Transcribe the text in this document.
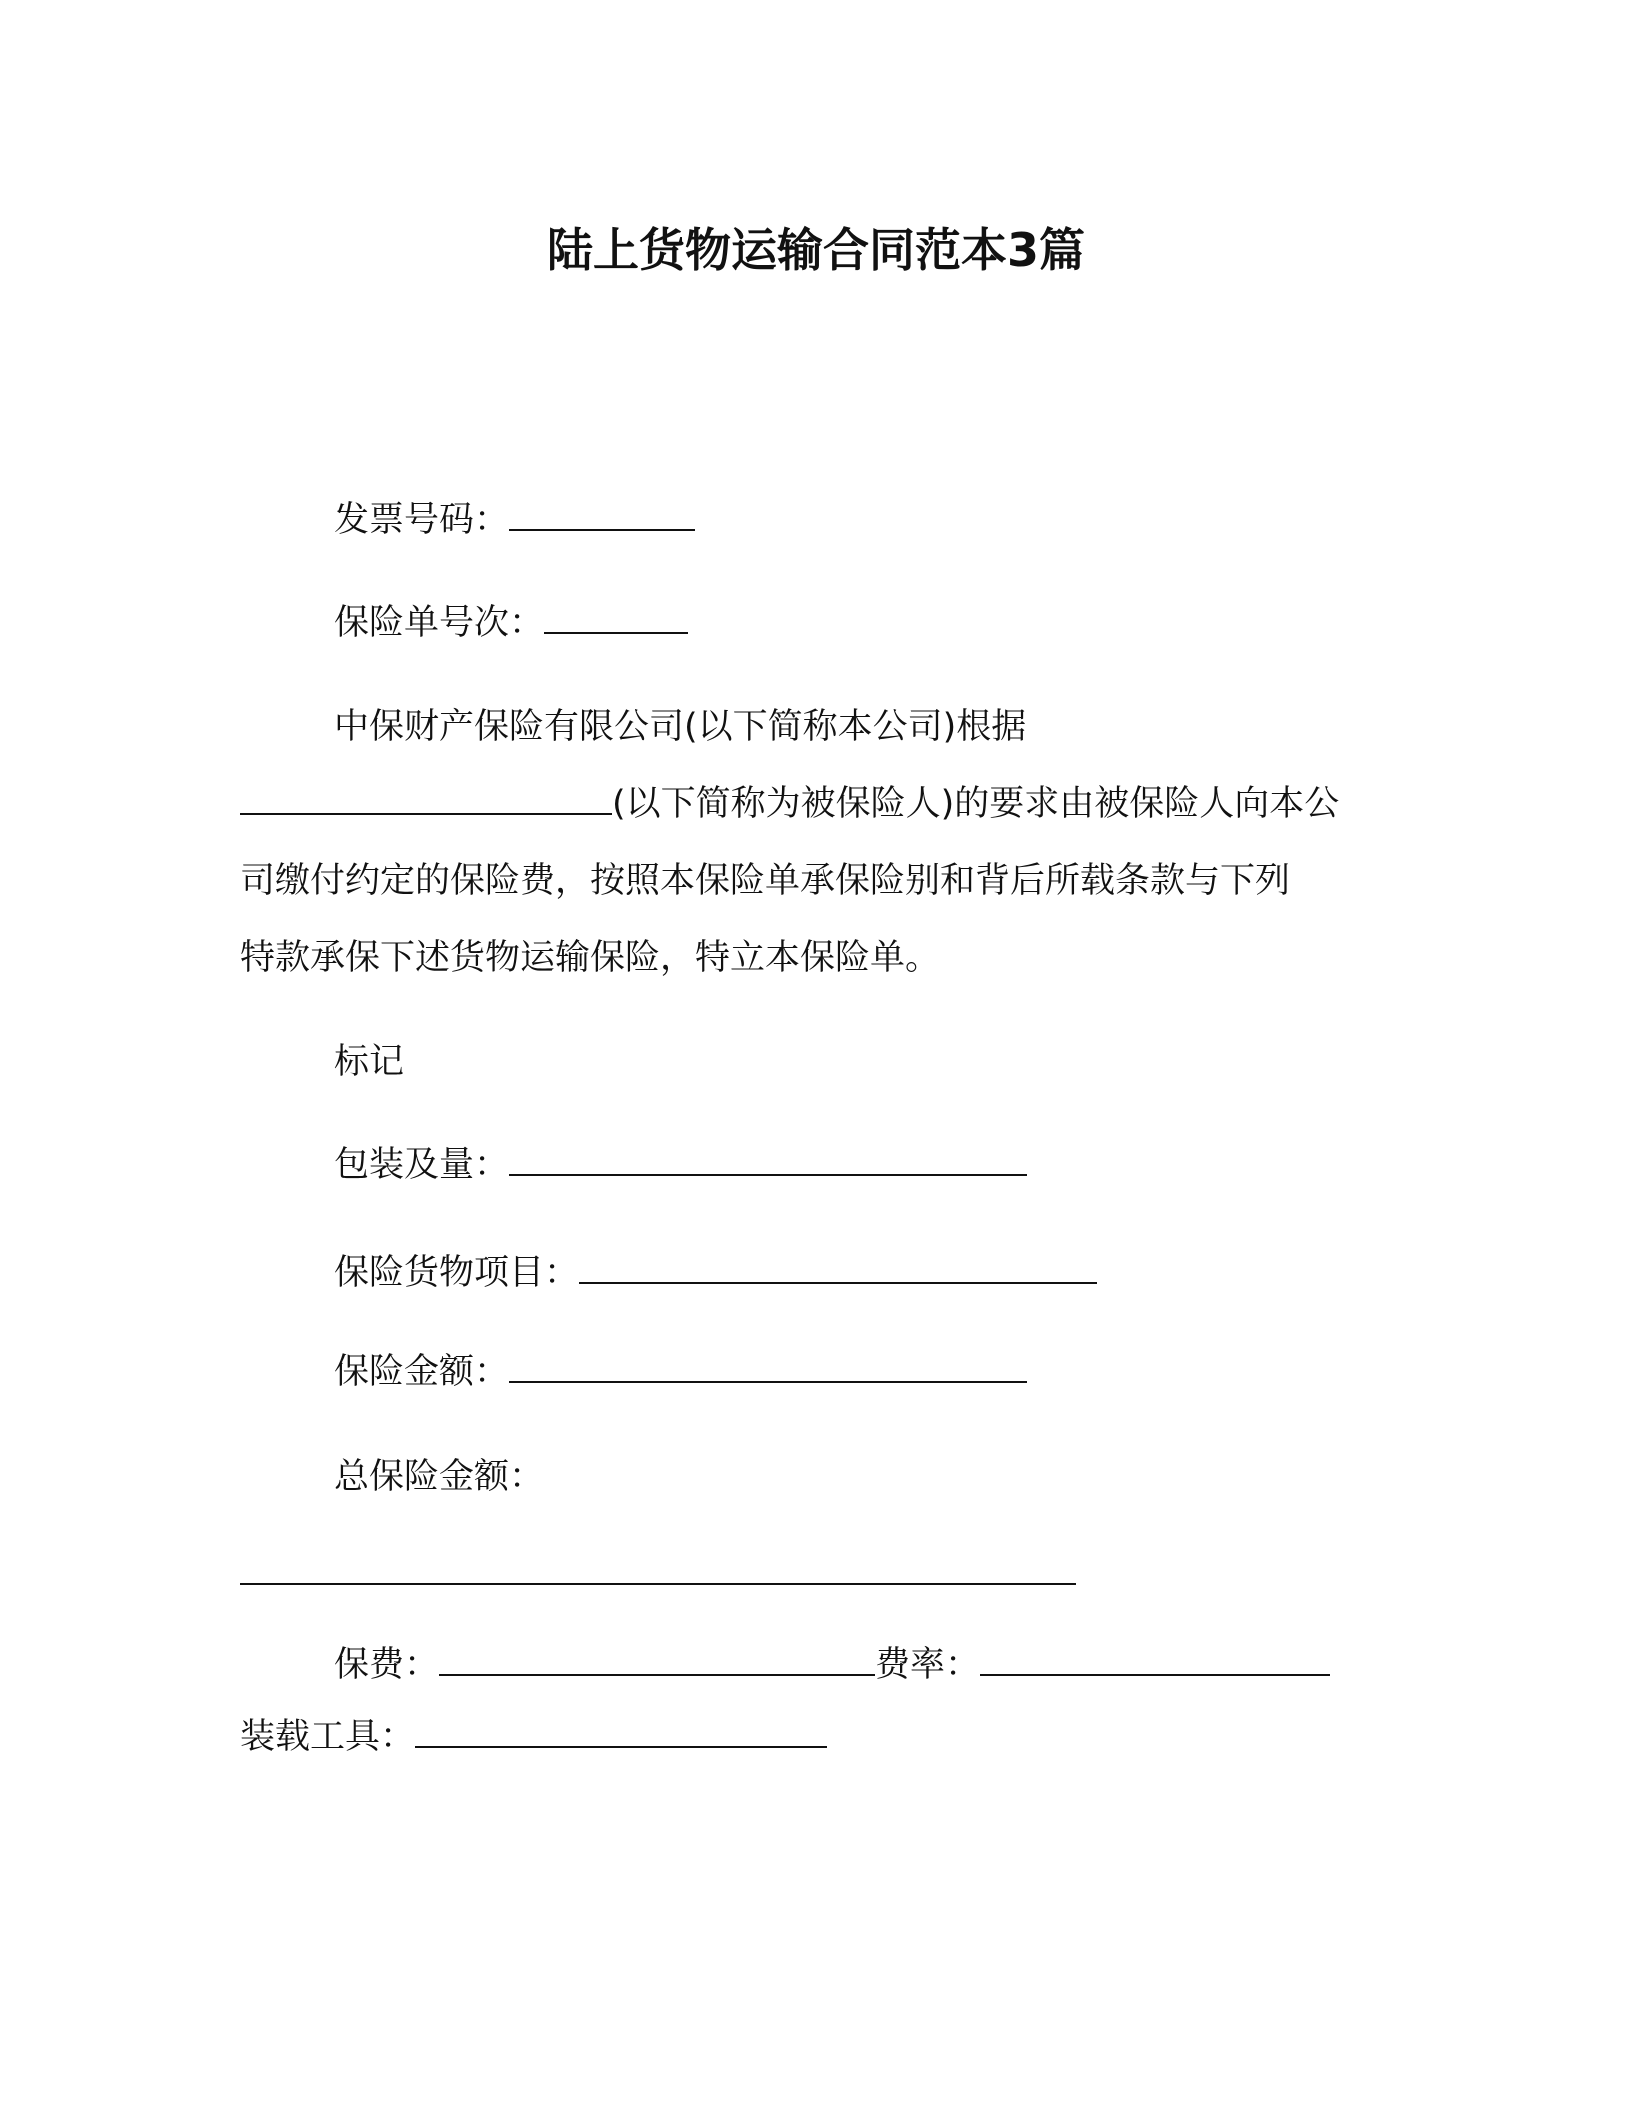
陆上货物运输合同范本3篇
发票号码：
保险单号次：
中保财产保险有限公司(以下简称本公司)根据
(以下简称为被保险人)的要求由被保险人向本公
司缴付约定的保险费，按照本保险单承保险别和背后所载条款与下列
特款承保下述货物运输保险，特立本保险单。
标记
包装及量：
保险货物项目：
保险金额：
总保险金额：
保费：	费率：
装载工具：
